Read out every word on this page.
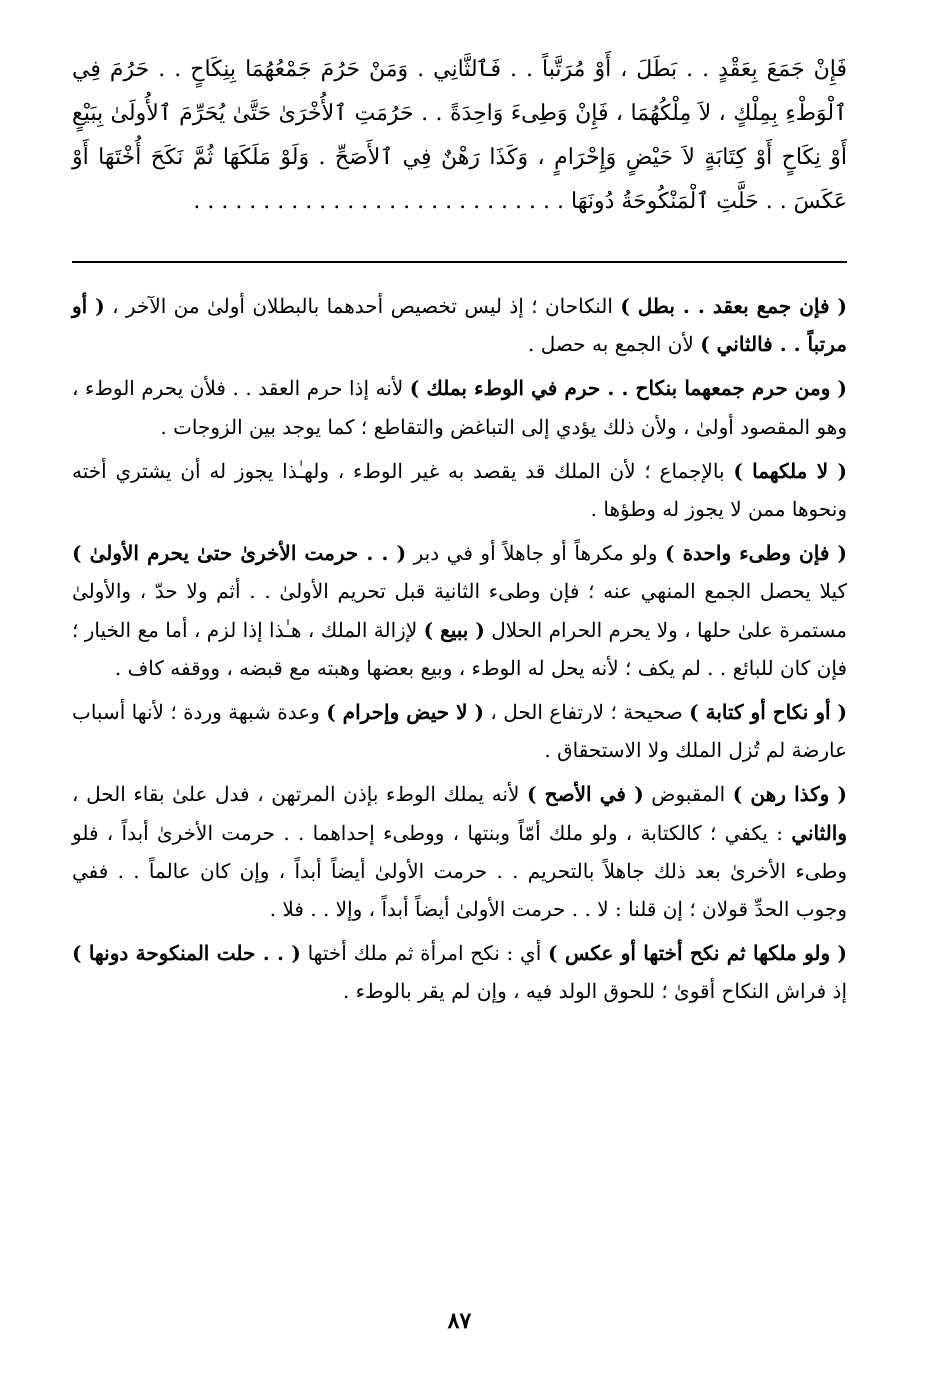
فَإِنْ جَمَعَ بِعَقْدٍ . . بَطَلَ ، أَوْ مُرَتَّباً . . فَٱلثَّانِي . وَمَنْ حَرُمَ جَمْعُهُمَا بِنِكَاحٍ . . حَرُمَ فِي ٱلْوَطْءِ بِمِلْكٍ ، لاَ مِلْكُهُمَا ، فَإِنْ وَطِىءَ وَاحِدَةً . . حَرُمَتِ ٱلأُخْرَىٰ حَتَّىٰ يُحَرِّمَ ٱلأُولَىٰ بِبَيْعٍ أَوْ نِكَاحٍ أَوْ كِتَابَةٍ لاَ حَيْضٍ وَإِحْرَامٍ ، وَكَذَا رَهْنٌ فِي ٱلأَصَحِّ . وَلَوْ مَلَكَهَا ثُمَّ نَكَحَ أُخْتَهَا أَوْ عَكَسَ . . حَلَّتِ ٱلْمَنْكُوحَةُ دُونَهَا . . . . . . . . . . . . . . . . . . . . . . . . . . .

( فإن جمع بعقد . . بطل ) النكاحان ؛ إذ ليس تخصيص أحدهما بالبطلان أولىٰ من الآخر ، ( أو مرتباً . . فالثاني ) لأن الجمع به حصل .

( ومن حرم جمعهما بنكاح . . حرم في الوطء بملك ) لأنه إذا حرم العقد . . فلأن يحرم الوطء ، وهو المقصود أولىٰ ، ولأن ذلك يؤدي إلى التباغض والتقاطع ؛ كما يوجد بين الزوجات .

( لا ملكهما ) بالإجماع ؛ لأن الملك قد يقصد به غير الوطء ، ولهـٰذا يجوز له أن يشتري أخته ونحوها ممن لا يجوز له وطؤها .

( فإن وطىء واحدة ) ولو مكرهاً أو جاهلاً أو في دبر ( . . حرمت الأخرىٰ حتىٰ يحرم الأولىٰ ) كيلا يحصل الجمع المنهي عنه ؛ فإن وطىء الثانية قبل تحريم الأولىٰ . . أثم ولا حدّ ، والأولىٰ مستمرة علىٰ حلها ، ولا يحرم الحرام الحلال ( ببيع ) لإزالة الملك ، هـٰذا إذا لزم ، أما مع الخيار ؛ فإن كان للبائع . . لم يكف ؛ لأنه يحل له الوطء ، وبيع بعضها وهبته مع قبضه ، ووقفه كاف .

( أو نكاح أو كتابة ) صحيحة ؛ لارتفاع الحل ، ( لا حيض وإحرام ) وعدة شبهة وردة ؛ لأنها أسباب عارضة لم تُزل الملك ولا الاستحقاق .

( وكذا رهن ) المقبوض ( في الأصح ) لأنه يملك الوطء بإذن المرتهن ، فدل علىٰ بقاء الحل ، والثاني : يكفي ؛ كالكتابة ، ولو ملك أمّاً وبنتها ، ووطىء إحداهما . . حرمت الأخرىٰ أبداً ، فلو وطىء الأخرىٰ بعد ذلك جاهلاً بالتحريم . . حرمت الأولىٰ أيضاً أبداً ، وإن كان عالماً . . ففي وجوب الحدِّ قولان ؛ إن قلنا : لا . . حرمت الأولىٰ أيضاً أبداً ، وإلا . . فلا .

( ولو ملكها ثم نكح أختها أو عكس ) أي : نكح امرأة ثم ملك أختها ( . . حلت المنكوحة دونها ) إذ فراش النكاح أقوىٰ ؛ للحوق الولد فيه ، وإن لم يقر بالوطء .

٨٧
